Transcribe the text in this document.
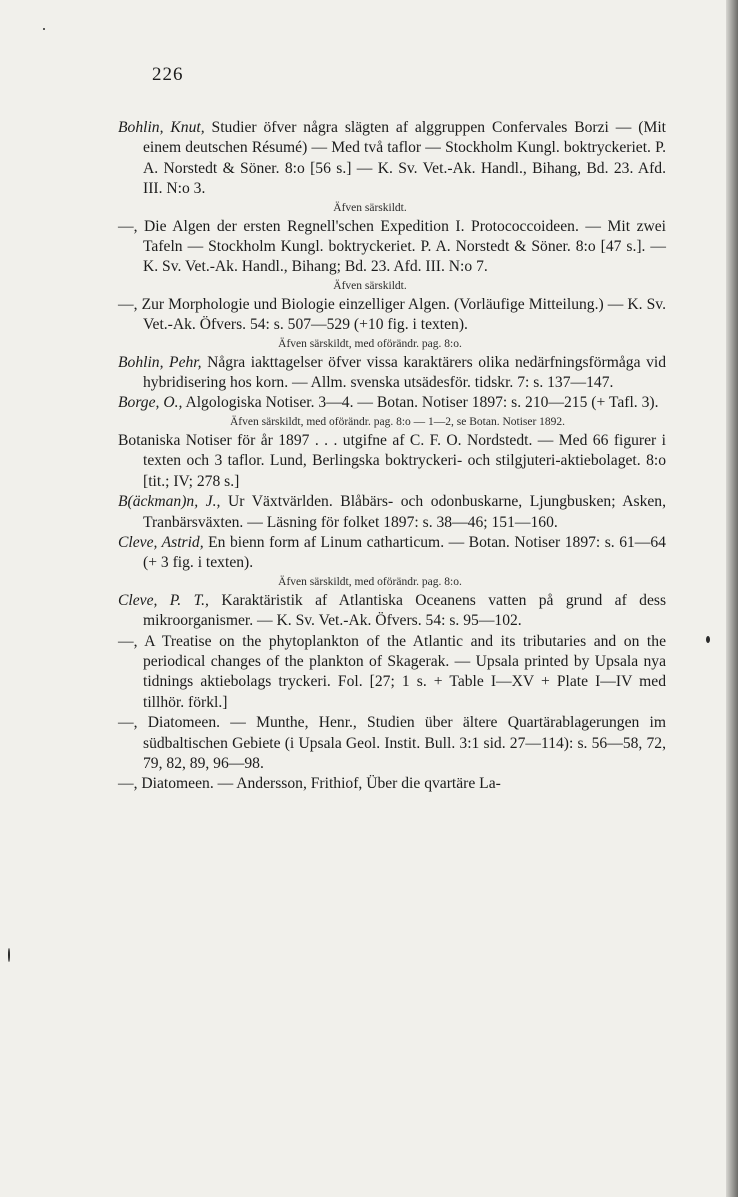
226
Bohlin, Knut, Studier öfver några slägten af alggruppen Confervales Borzi — (Mit einem deutschen Résumé) — Med två taflor — Stockholm Kungl. boktryckeriet. P. A. Norstedt & Söner. 8:o [56 s.] — K. Sv. Vet.-Ak. Handl., Bihang, Bd. 23. Afd. III. N:o 3.
Äfven särskildt.
—, Die Algen der ersten Regnell'schen Expedition I. Protococcoideen. — Mit zwei Tafeln — Stockholm Kungl. boktryckeriet. P. A. Norstedt & Söner. 8:o [47 s.]. — K. Sv. Vet.-Ak. Handl., Bihang; Bd. 23. Afd. III. N:o 7.
Äfven särskildt.
—, Zur Morphologie und Biologie einzelliger Algen. (Vorläufige Mitteilung.) — K. Sv. Vet.-Ak. Öfvers. 54: s. 507—529 (+10 fig. i texten).
Äfven särskildt, med oförändr. pag. 8:o.
Bohlin, Pehr, Några iakttagelser öfver vissa karaktärers olika nedärfningsförmåga vid hybridisering hos korn. — Allm. svenska utsädesför. tidskr. 7: s. 137—147.
Borge, O., Algologiska Notiser. 3—4. — Botan. Notiser 1897: s. 210—215 (+ Tafl. 3).
Äfven särskildt, med oförändr. pag. 8:o — 1—2, se Botan. Notiser 1892.
Botaniska Notiser för år 1897 . . . utgifne af C. F. O. Nordstedt. — Med 66 figurer i texten och 3 taflor. Lund, Berlingska boktryckeri- och stilgjuteri-aktiebolaget. 8:o [tit.; IV; 278 s.]
B(äckman)n, J., Ur Växtvärlden. Blåbärs- och odonbuskarne, Ljungbusken; Asken, Tranbärsväxten. — Läsning för folket 1897: s. 38—46; 151—160.
Cleve, Astrid, En bienn form af Linum catharticum. — Botan. Notiser 1897: s. 61—64 (+ 3 fig. i texten).
Äfven särskildt, med oförändr. pag. 8:o.
Cleve, P. T., Karaktäristik af Atlantiska Oceanens vatten på grund af dess mikroorganismer. — K. Sv. Vet.-Ak. Öfvers. 54: s. 95—102.
—, A Treatise on the phytoplankton of the Atlantic and its tributaries and on the periodical changes of the plankton of Skagerak. — Upsala printed by Upsala nya tidnings aktiebolags tryckeri. Fol. [27; 1 s. + Table I—XV + Plate I—IV med tillhör. förkl.]
—, Diatomeen. — Munthe, Henr., Studien über ältere Quartärablagerungen im südbaltischen Gebiete (i Upsala Geol. Instit. Bull. 3:1 sid. 27—114): s. 56—58, 72, 79, 82, 89, 96—98.
—, Diatomeen. — Andersson, Frithiof, Über die qvartäre La-
